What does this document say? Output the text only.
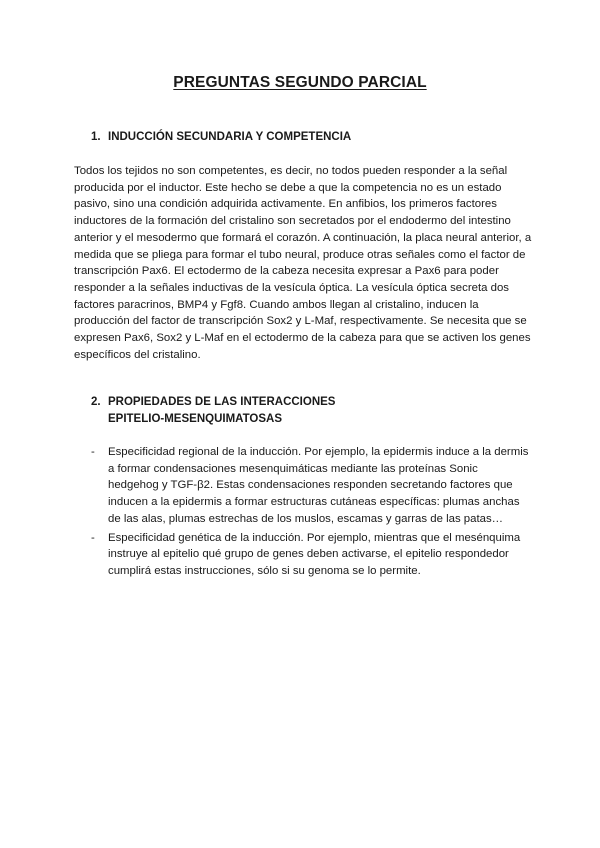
PREGUNTAS SEGUNDO PARCIAL
1. INDUCCIÓN SECUNDARIA Y COMPETENCIA

Todos los tejidos no son competentes, es decir, no todos pueden responder a la señal producida por el inductor. Este hecho se debe a que la competencia no es un estado pasivo, sino una condición adquirida activamente. En anfibios, los primeros factores inductores de la formación del cristalino son secretados por el endodermo del intestino anterior y el mesodermo que formará el corazón. A continuación, la placa neural anterior, a medida que se pliega para formar el tubo neural, produce otras señales como el factor de transcripción Pax6. El ectodermo de la cabeza necesita expresar a Pax6 para poder responder a la señales inductivas de la vesícula óptica. La vesícula óptica secreta dos factores paracrinos, BMP4 y Fgf8. Cuando ambos llegan al cristalino, inducen la producción del factor de transcripción Sox2 y L-Maf, respectivamente. Se necesita que se expresen Pax6, Sox2 y L-Maf en el ectodermo de la cabeza para que se activen los genes específicos del cristalino.

2. PROPIEDADES DE LAS INTERACCIONES
EPITELIO-MESENQUIMATOSAS
- Especificidad regional de la inducción. Por ejemplo, la epidermis induce a la dermis a formar condensaciones mesenquimáticas mediante las proteínas Sonic hedgehog y TGF-β2. Estas condensaciones responden secretando factores que inducen a la epidermis a formar estructuras cutáneas específicas: plumas anchas de las alas, plumas estrechas de los muslos, escamas y garras de las patas…
- Especificidad genética de la inducción. Por ejemplo, mientras que el mesénquima instruye al epitelio qué grupo de genes deben activarse, el epitelio respondedor cumplirá estas instrucciones, sólo si su genoma se lo permite.
